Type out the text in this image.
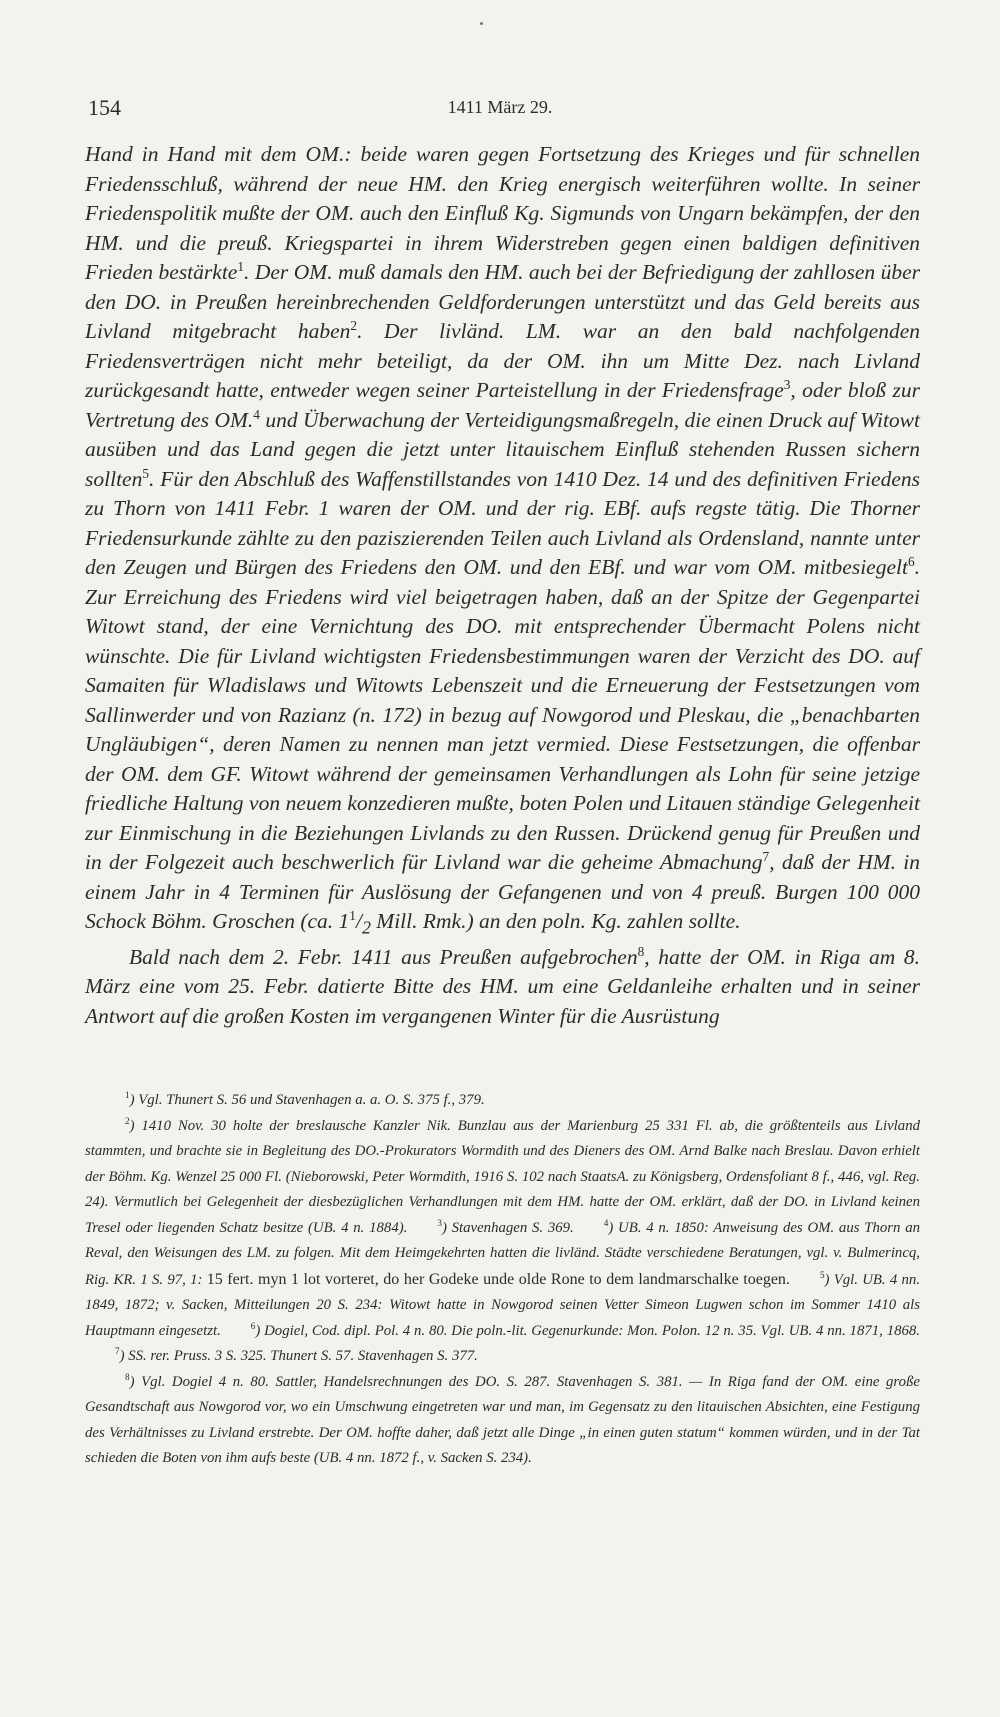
154	1411 März 29.

Hand in Hand mit dem OM.: beide waren gegen Fortsetzung des Krieges und für schnellen Friedensschluß, während der neue HM. den Krieg energisch weiterführen wollte. In seiner Friedenspolitik mußte der OM. auch den Einfluß Kg. Sigmunds von Ungarn bekämpfen, der den HM. und die preuß. Kriegspartei in ihrem Widerstreben gegen einen baldigen definitiven Frieden bestärkte$^1$. Der OM. muß damals den HM. auch bei der Befriedigung der zahllosen über den DO. in Preußen hereinbrechenden Geldforderungen unterstützt und das Geld bereits aus Livland mitgebracht haben$^2$. Der livländ. LM. war an den bald nachfolgenden Friedensverträgen nicht mehr beteiligt, da der OM. ihn um Mitte Dez. nach Livland zurückgesandt hatte, entweder wegen seiner Parteistellung in der Friedensfrage$^3$, oder bloß zur Vertretung des OM.$^4$ und Überwachung der Verteidigungsmaßregeln, die einen Druck auf Witowt ausüben und das Land gegen die jetzt unter litauischem Einfluß stehenden Russen sichern sollten$^5$. Für den Abschluß des Waffenstillstandes von 1410 Dez. 14 und des definitiven Friedens zu Thorn von 1411 Febr. 1 waren der OM. und der rig. EBf. aufs regste tätig. Die Thorner Friedensurkunde zählte zu den paziszierenden Teilen auch Livland als Ordensland, nannte unter den Zeugen und Bürgen des Friedens den OM. und den EBf. und war vom OM. mitbesiegelt$^6$. Zur Erreichung des Friedens wird viel beigetragen haben, daß an der Spitze der Gegenpartei Witowt stand, der eine Vernichtung des DO. mit entsprechender Übermacht Polens nicht wünschte. Die für Livland wichtigsten Friedensbestimmungen waren der Verzicht des DO. auf Samaiten für Wladislaws und Witowts Lebenszeit und die Erneuerung der Festsetzungen vom Sallinwerder und von Razianz (n. 172) in bezug auf Nowgorod und Pleskau, die „benachbarten Ungläubigen“, deren Namen zu nennen man jetzt vermied. Diese Festsetzungen, die offenbar der OM. dem GF. Witowt während der gemeinsamen Verhandlungen als Lohn für seine jetzige friedliche Haltung von neuem konzedieren mußte, boten Polen und Litauen ständige Gelegenheit zur Einmischung in die Beziehungen Livlands zu den Russen. Drückend genug für Preußen und in der Folgezeit auch beschwerlich für Livland war die geheime Abmachung$^7$, daß der HM. in einem Jahr in 4 Terminen für Auslösung der Gefangenen und von 4 preuß. Burgen 100 000 Schock Böhm. Groschen (ca. $1^1/_2$ Mill. Rmk.) an den poln. Kg. zahlen sollte.

Bald nach dem 2. Febr. 1411 aus Preußen aufgebrochen$^8$, hatte der OM. in Riga am 8. März eine vom 25. Febr. datierte Bitte des HM. um eine Geldanleihe erhalten und in seiner Antwort auf die großen Kosten im vergangenen Winter für die Ausrüstung

$^1$) Vgl. Thunert S. 56 und Stavenhagen a. a. O. S. 375 f., 379.

$^2$) 1410 Nov. 30 holte der breslausche Kanzler Nik. Bunzlau aus der Marienburg 25 331 Fl. ab, die größtenteils aus Livland stammten, und brachte sie in Begleitung des DO.-Prokurators Wormdith und des Dieners des OM. Arnd Balke nach Breslau. Davon erhielt der Böhm. Kg. Wenzel 25 000 Fl. (Nieborowski, Peter Wormdith, 1916 S. 102 nach StaatsA. zu Königsberg, Ordensfoliant 8 f., 446, vgl. Reg. 24). Vermutlich bei Gelegenheit der diesbezüglichen Verhandlungen mit dem HM. hatte der OM. erklärt, daß der DO. in Livland keinen Tresel oder liegenden Schatz besitze (UB. 4 n. 1884).	$^3$) Stavenhagen S. 369.	$^4$) UB. 4 n. 1850: Anweisung des OM. aus Thorn an Reval, den Weisungen des LM. zu folgen. Mit dem Heimgekehrten hatten die livländ. Städte verschiedene Beratungen, vgl. v. Bulmerincq, Rig. KR. 1 S. 97, 1: 15 fert. myn 1 lot vorteret, do her Godeke unde olde Rone to dem landmarschalke toegen.	$^5$) Vgl. UB. 4 nn. 1849, 1872; v. Sacken, Mitteilungen 20 S. 234: Witowt hatte in Nowgorod seinen Vetter Simeon Lugwen schon im Sommer 1410 als Hauptmann eingesetzt.	$^6$) Dogiel, Cod. dipl. Pol. 4 n. 80. Die poln.-lit. Gegenurkunde: Mon. Polon. 12 n. 35. Vgl. UB. 4 nn. 1871, 1868.$^7$) SS. rer. Pruss. 3 S. 325. Thunert S. 57. Stavenhagen S. 377.

$^8$) Vgl. Dogiel 4 n. 80. Sattler, Handelsrechnungen des DO. S. 287. Stavenhagen S. 381. — In Riga fand der OM. eine große Gesandtschaft aus Nowgorod vor, wo ein Umschwung eingetreten war und man, im Gegensatz zu den litauischen Absichten, eine Festigung des Verhältnisses zu Livland erstrebte. Der OM. hoffte daher, daß jetzt alle Dinge „in einen guten statum“ kommen würden, und in der Tat schieden die Boten von ihm aufs beste (UB. 4 nn. 1872 f., v. Sacken S. 234).
